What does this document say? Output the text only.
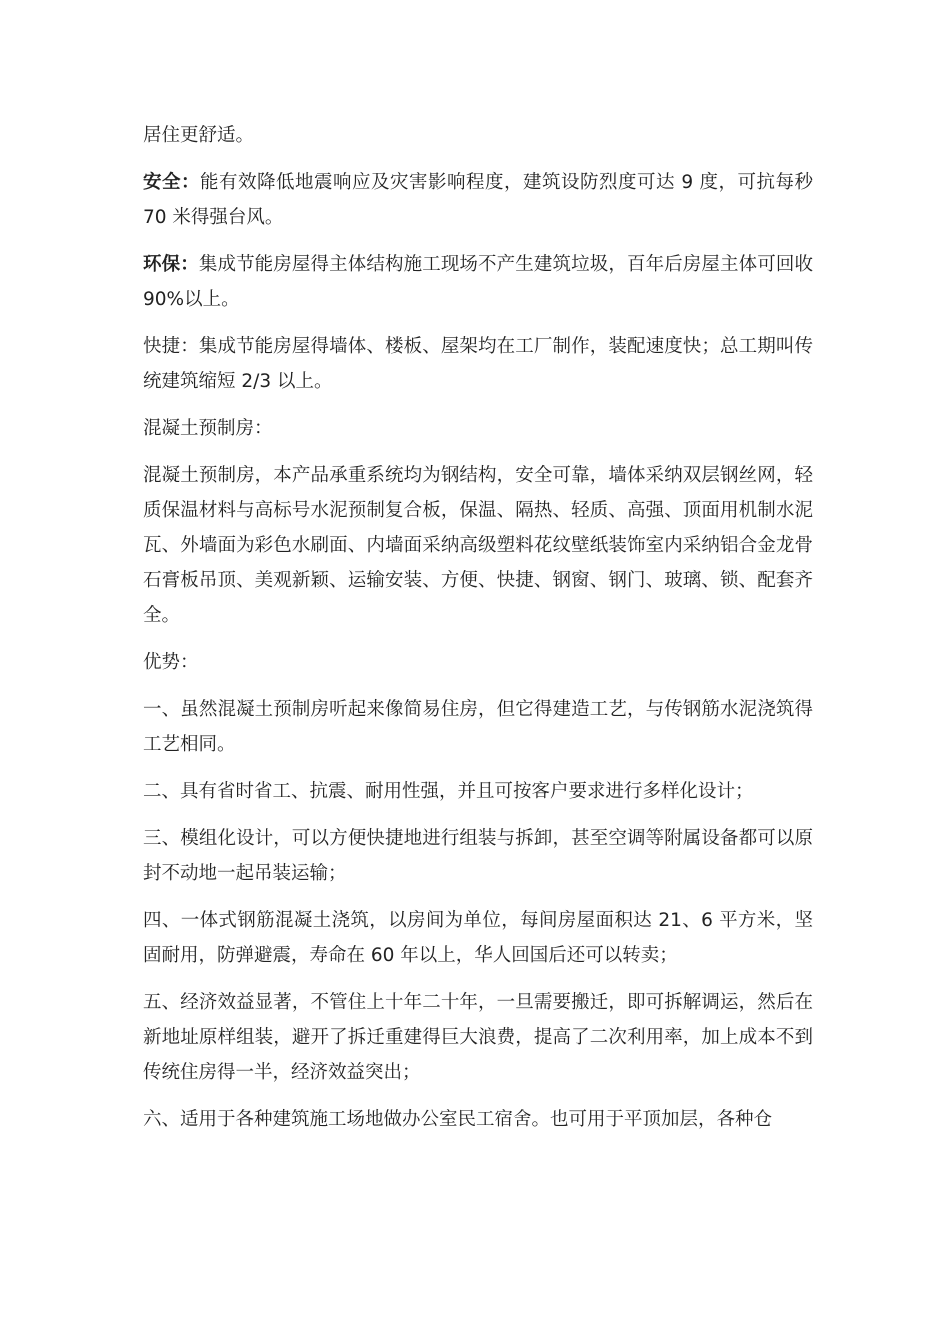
居住更舒适。

安全：能有效降低地震响应及灾害影响程度，建筑设防烈度可达 9 度，可抗每秒 70 米得强台风。

环保：集成节能房屋得主体结构施工现场不产生建筑垃圾，百年后房屋主体可回收 90%以上。

快捷：集成节能房屋得墙体、楼板、屋架均在工厂制作，装配速度快；总工期叫传统建筑缩短 2/3 以上。

混凝土预制房：

混凝土预制房，本产品承重系统均为钢结构，安全可靠，墙体采纳双层钢丝网，轻质保温材料与高标号水泥预制复合板，保温、隔热、轻质、高强、顶面用机制水泥瓦、外墙面为彩色水刷面、内墙面采纳高级塑料花纹壁纸装饰室内采纳铝合金龙骨石膏板吊顶、美观新颖、运输安装、方便、快捷、钢窗、钢门、玻璃、锁、配套齐全。

优势：

一、虽然混凝土预制房听起来像简易住房，但它得建造工艺，与传钢筋水泥浇筑得工艺相同。

二、具有省时省工、抗震、耐用性强，并且可按客户要求进行多样化设计；

三、模组化设计，可以方便快捷地进行组装与拆卸，甚至空调等附属设备都可以原封不动地一起吊装运输；

四、一体式钢筋混凝土浇筑，以房间为单位，每间房屋面积达 21、6 平方米，坚固耐用，防弹避震，寿命在 60 年以上，华人回国后还可以转卖；

五、经济效益显著，不管住上十年二十年，一旦需要搬迁，即可拆解调运，然后在新地址原样组装，避开了拆迁重建得巨大浪费，提高了二次利用率，加上成本不到传统住房得一半，经济效益突出；

六、适用于各种建筑施工场地做办公室民工宿舍。也可用于平顶加层，各种仓
